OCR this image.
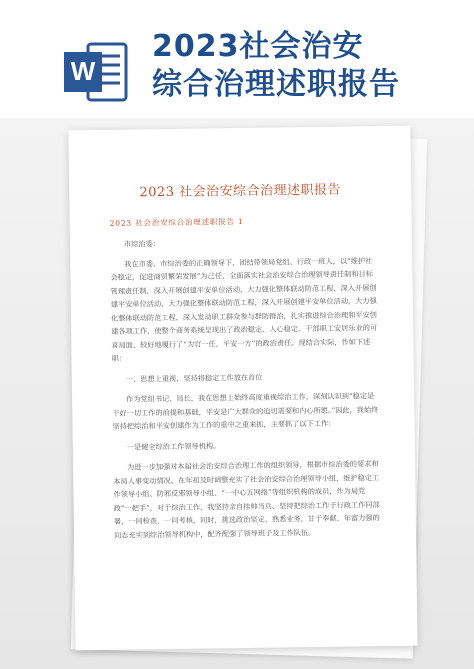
W
2023社会治安
综合治理述职报告
2023 社会治安综合治理述职报告
2023 社会治安综合治理述职报告 1

市综治委：

我在市委、市综治委的正确领导下，团结带领局党组、行政一班人，以“维护社会稳定，促进商贸繁荣发展”为己任，全面落实社会治安综合治理领导责任制和目标管理责任制，深入开展创建平安单位活动，大力强化整体联动防范工程，深入开展创建平安单位活动，大力强化整体联动防范工程，深入开展创建平安单位活动，大力强化整体联动防范工程，深入发动职工群众参与群防群治，扎实推进综合治理和平安创建各项工作，使整个商务系统呈现出了政治稳定、人心稳定、干部职工安居乐业的可喜局面，较好地履行了“为官一任，平安一方”的政治责任。现结合实际，作如下述职：

一、思想上重视，坚持将稳定工作放在首位

作为党组书记、局长，我在思想上始终高度重视综治工作，深刻认识到“稳定是干好一切工作的前提和基础，平安是广大群众的迫切需要和内心所愿。”因此，我始终坚持把综治和平安创建作为工作的重中之重来抓，主要抓了以下工作：

一是健全综治工作领导机构。

为进一步加强对本届社会治安综合治理工作的组织领导，根据市综治委的要求和本局人事变动情况，在年初及时调整充实了社会治安综合治理领导小组，维护稳定工作领导小组、防邪反邪领导小组、“一中心五网络”等组织机构的成员，作为局党政“一把手”，对于综治工作，我坚持亲自挂帅当兵、坚持把综治工作于行政工作同部署，一同检查，一同考核，同时，挑选政治坚定、熟悉业务，甘于奉献、年富力强的同志充实到综治领导机构中，配齐配强了领导班子及工作队伍。
